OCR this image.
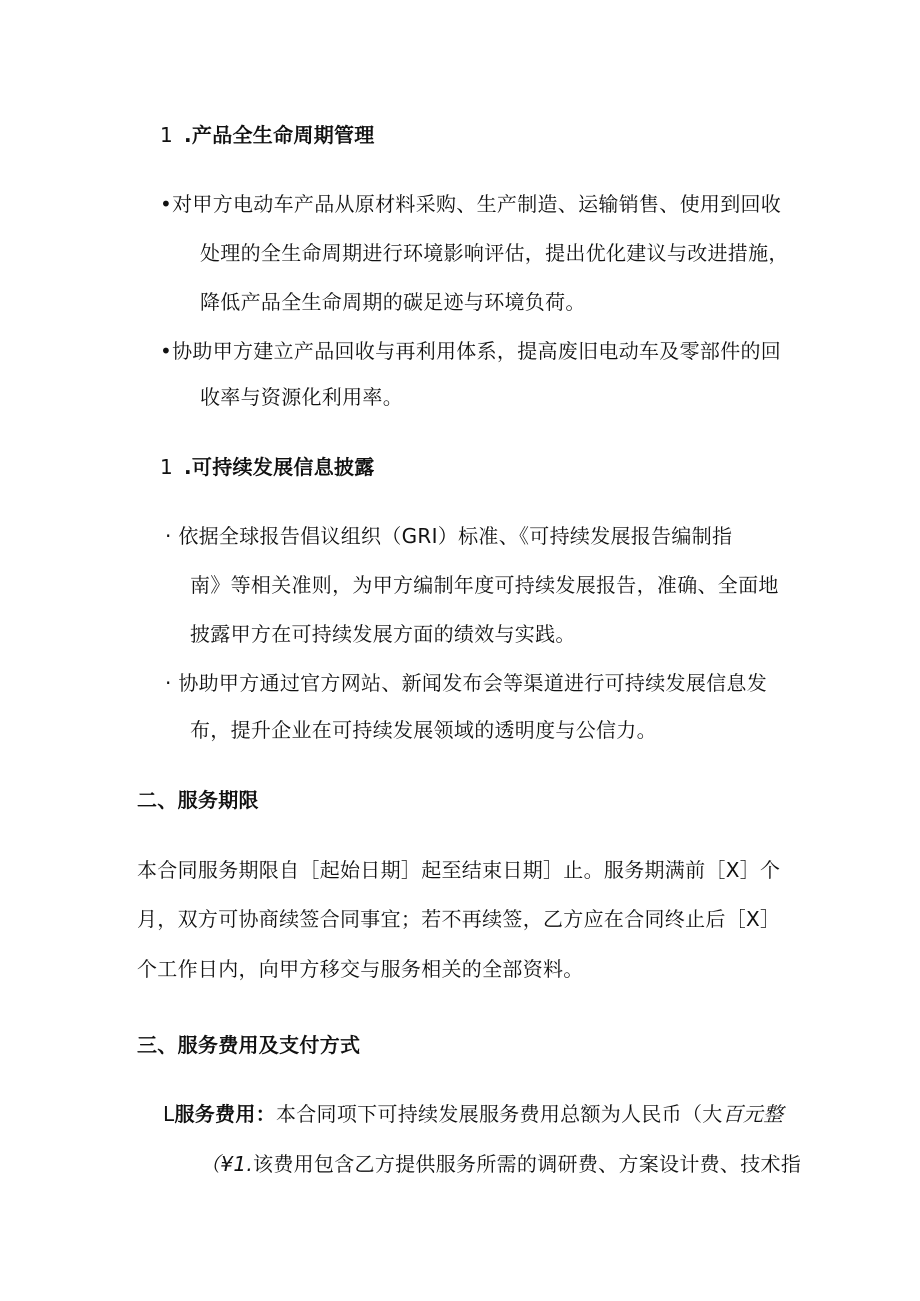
1 .产品全生命周期管理
•对甲方电动车产品从原材料采购、生产制造、运输销售、使用到回收
处理的全生命周期进行环境影响评估，提出优化建议与改进措施，
降低产品全生命周期的碳足迹与环境负荷。
•协助甲方建立产品回收与再利用体系，提高废旧电动车及零部件的回
收率与资源化利用率。
1 .可持续发展信息披露
· 依据全球报告倡议组织（GRI）标准、《可持续发展报告编制指
南》等相关准则，为甲方编制年度可持续发展报告，准确、全面地
披露甲方在可持续发展方面的绩效与实践。
· 协助甲方通过官方网站、新闻发布会等渠道进行可持续发展信息发
布，提升企业在可持续发展领域的透明度与公信力。
二、服务期限
本合同服务期限自［起始日期］起至结束日期］止。服务期满前［X］个
月，双方可协商续签合同事宜；若不再续签，乙方应在合同终止后［X］
个工作日内，向甲方移交与服务相关的全部资料。
三、服务费用及支付方式
L服务费用：本合同项下可持续发展服务费用总额为人民币（大百元整
（¥1.该费用包含乙方提供服务所需的调研费、方案设计费、技术指
